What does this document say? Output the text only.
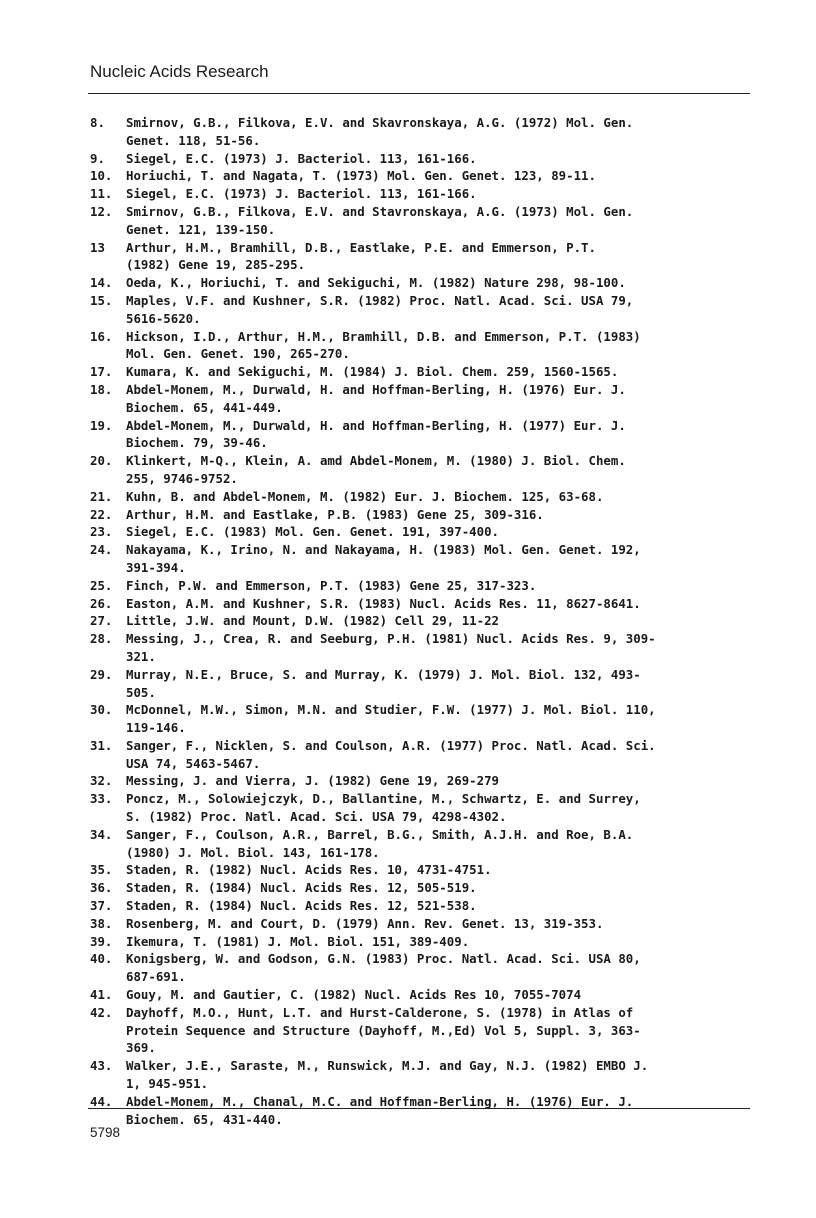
Nucleic Acids Research
8.	Smirnov, G.B., Filkova, E.V. and Skavronskaya, A.G. (1972) Mol. Gen.
Genet. 118, 51-56.
9.	Siegel, E.C. (1973) J. Bacteriol. 113, 161-166.
10.	Horiuchi, T. and Nagata, T. (1973) Mol. Gen. Genet. 123, 89-11.
11.	Siegel, E.C. (1973) J. Bacteriol. 113, 161-166.
12.	Smirnov, G.B., Filkova, E.V. and Stavronskaya, A.G. (1973) Mol. Gen.
Genet. 121, 139-150.
13	Arthur, H.M., Bramhill, D.B., Eastlake, P.E. and Emmerson, P.T.
(1982) Gene 19, 285-295.
14.	Oeda, K., Horiuchi, T. and Sekiguchi, M. (1982) Nature 298, 98-100.
15.	Maples, V.F. and Kushner, S.R. (1982) Proc. Natl. Acad. Sci. USA 79,
5616-5620.
16.	Hickson, I.D., Arthur, H.M., Bramhill, D.B. and Emmerson, P.T. (1983)
Mol. Gen. Genet. 190, 265-270.
17.	Kumara, K. and Sekiguchi, M. (1984) J. Biol. Chem. 259, 1560-1565.
18.	Abdel-Monem, M., Durwald, H. and Hoffman-Berling, H. (1976) Eur. J.
Biochem. 65, 441-449.
19.	Abdel-Monem, M., Durwald, H. and Hoffman-Berling, H. (1977) Eur. J.
Biochem. 79, 39-46.
20.	Klinkert, M-Q., Klein, A. amd Abdel-Monem, M. (1980) J. Biol. Chem.
255, 9746-9752.
21.	Kuhn, B. and Abdel-Monem, M. (1982) Eur. J. Biochem. 125, 63-68.
22.	Arthur, H.M. and Eastlake, P.B. (1983) Gene 25, 309-316.
23.	Siegel, E.C. (1983) Mol. Gen. Genet. 191, 397-400.
24.	Nakayama, K., Irino, N. and Nakayama, H. (1983) Mol. Gen. Genet. 192,
391-394.
25.	Finch, P.W. and Emmerson, P.T. (1983) Gene 25, 317-323.
26.	Easton, A.M. and Kushner, S.R. (1983) Nucl. Acids Res. 11, 8627-8641.
27.	Little, J.W. and Mount, D.W. (1982) Cell 29, 11-22
28.	Messing, J., Crea, R. and Seeburg, P.H. (1981) Nucl. Acids Res. 9, 309-
321.
29.	Murray, N.E., Bruce, S. and Murray, K. (1979) J. Mol. Biol. 132, 493-
505.
30.	McDonnel, M.W., Simon, M.N. and Studier, F.W. (1977) J. Mol. Biol. 110,
119-146.
31.	Sanger, F., Nicklen, S. and Coulson, A.R. (1977) Proc. Natl. Acad. Sci.
USA 74, 5463-5467.
32.	Messing, J. and Vierra, J. (1982) Gene 19, 269-279
33.	Poncz, M., Solowiejczyk, D., Ballantine, M., Schwartz, E. and Surrey,
S. (1982) Proc. Natl. Acad. Sci. USA 79, 4298-4302.
34.	Sanger, F., Coulson, A.R., Barrel, B.G., Smith, A.J.H. and Roe, B.A.
(1980) J. Mol. Biol. 143, 161-178.
35.	Staden, R. (1982) Nucl. Acids Res. 10, 4731-4751.
36.	Staden, R. (1984) Nucl. Acids Res. 12, 505-519.
37.	Staden, R. (1984) Nucl. Acids Res. 12, 521-538.
38.	Rosenberg, M. and Court, D. (1979) Ann. Rev. Genet. 13, 319-353.
39.	Ikemura, T. (1981) J. Mol. Biol. 151, 389-409.
40.	Konigsberg, W. and Godson, G.N. (1983) Proc. Natl. Acad. Sci. USA 80,
687-691.
41.	Gouy, M. and Gautier, C. (1982) Nucl. Acids Res 10, 7055-7074
42.	Dayhoff, M.O., Hunt, L.T. and Hurst-Calderone, S. (1978) in Atlas of
Protein Sequence and Structure (Dayhoff, M.,Ed) Vol 5, Suppl. 3, 363-
369.
43.	Walker, J.E., Saraste, M., Runswick, M.J. and Gay, N.J. (1982) EMBO J.
1, 945-951.
44.	Abdel-Monem, M., Chanal, M.C. and Hoffman-Berling, H. (1976) Eur. J.
Biochem. 65, 431-440.
5798
